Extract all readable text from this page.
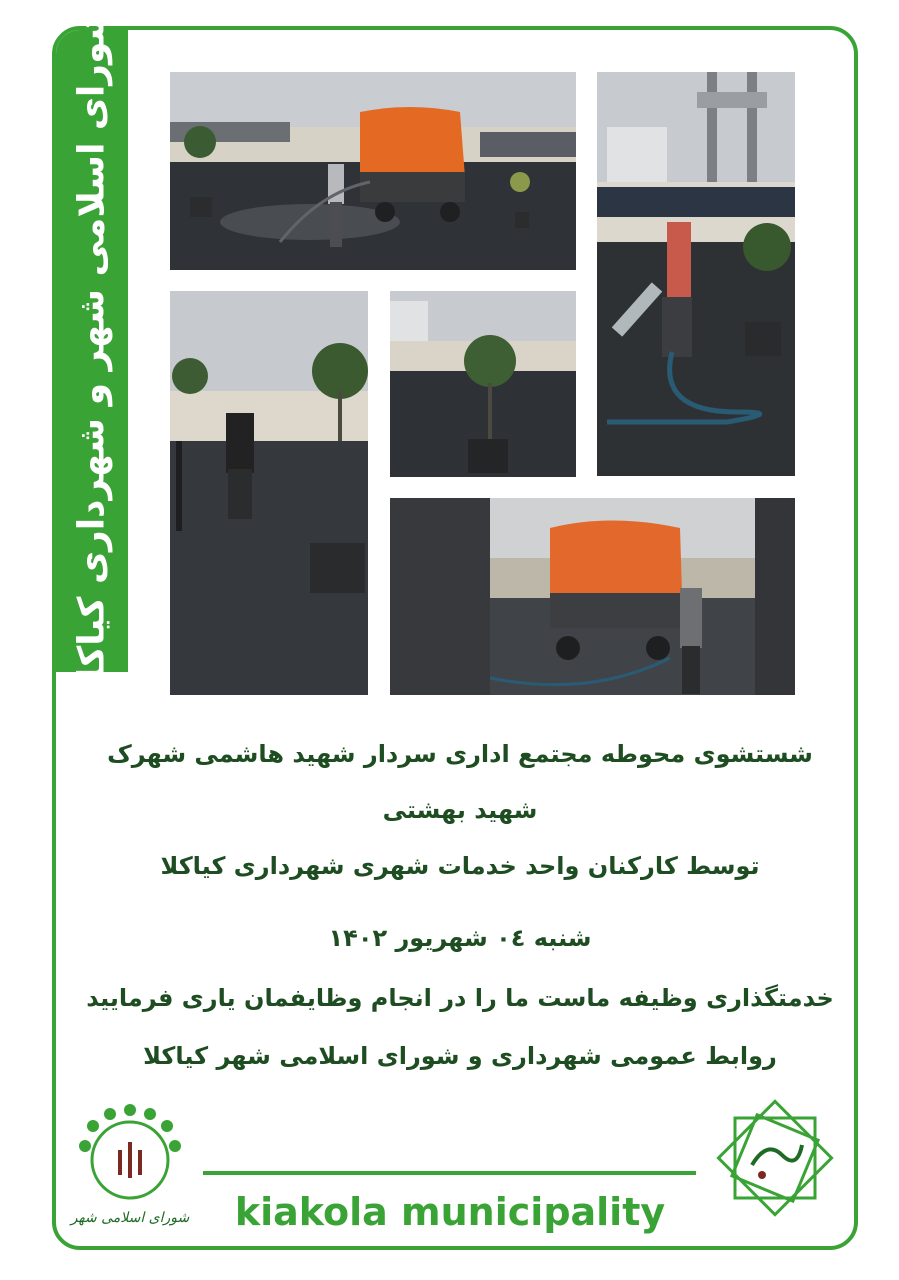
شورای اسلامی شهر و شهرداری کیاکلا
شستشوی محوطه مجتمع اداری سردار شهید هاشمی شهرک
شهید بهشتی
توسط کارکنان واحد خدمات شهری شهرداری کیاکلا
شنبه ۰٤ شهریور ۱۴۰۲
خدمتگذاری وظیفه ماست ما را در انجام وظایفمان یاری فرمایید
روابط عمومی شهرداری و شورای اسلامی شهر کیاکلا
kiakola municipality
شورای اسلامی شهر
